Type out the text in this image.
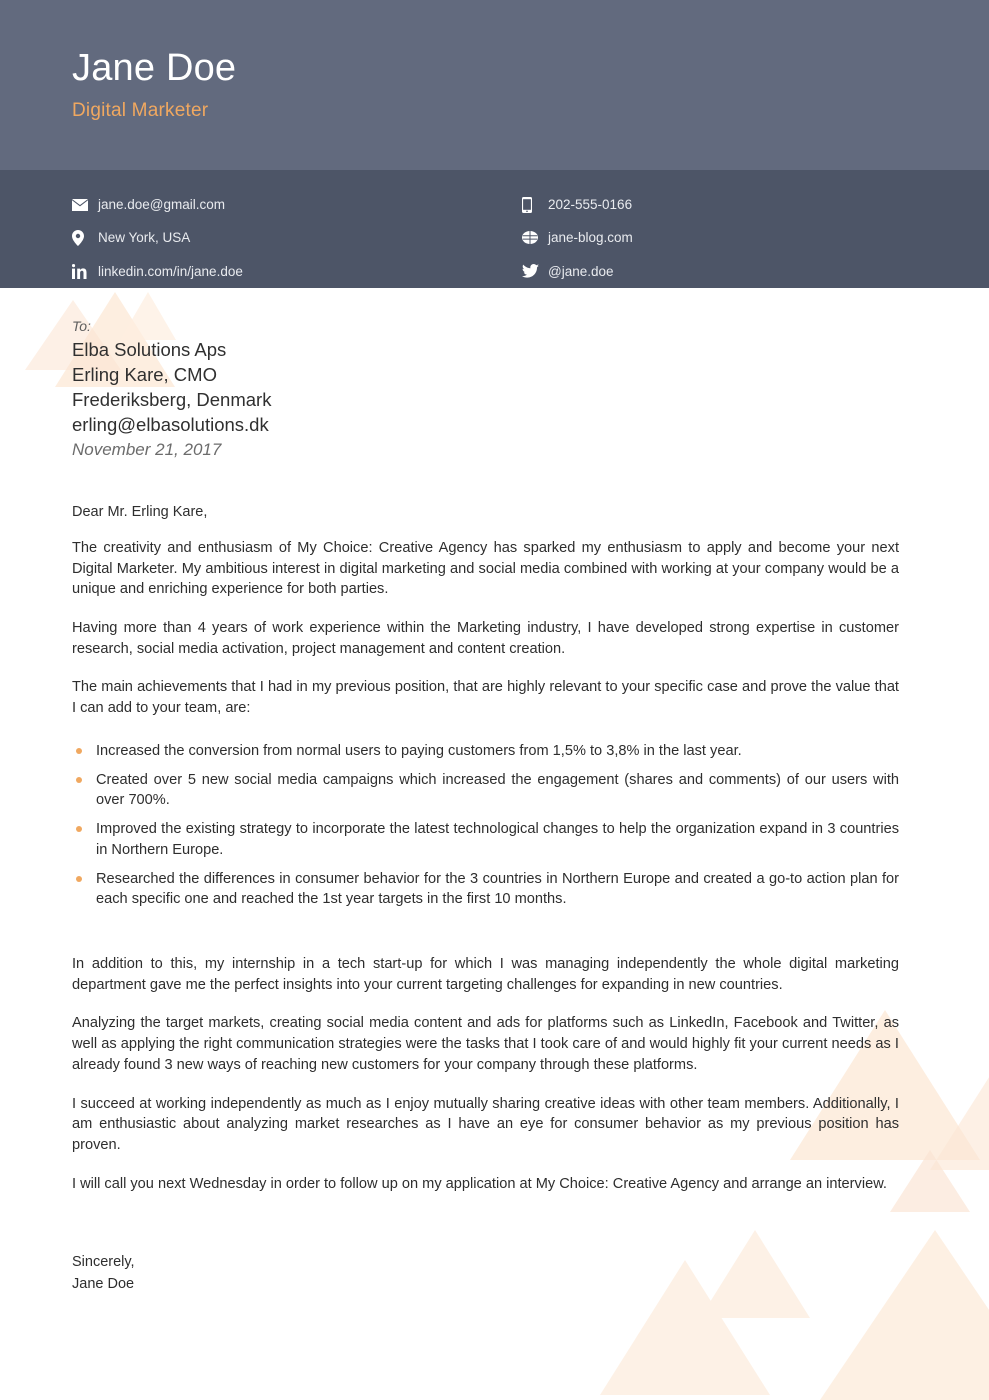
Jane Doe
Digital Marketer
jane.doe@gmail.com
New York, USA
linkedin.com/in/jane.doe
202-555-0166
jane-blog.com
@jane.doe
To:
Elba Solutions Aps
Erling Kare, CMO
Frederiksberg, Denmark
erling@elbasolutions.dk
November 21, 2017
Dear Mr. Erling Kare,

The creativity and enthusiasm of My Choice: Creative Agency has sparked my enthusiasm to apply and become your next Digital Marketer. My ambitious interest in digital marketing and social media combined with working at your company would be a unique and enriching experience for both parties.

Having more than 4 years of work experience within the Marketing industry, I have developed strong expertise in customer research, social media activation, project management and content creation.

The main achievements that I had in my previous position, that are highly relevant to your specific case and prove the value that I can add to your team, are:

Increased the conversion from normal users to paying customers from 1,5% to 3,8% in the last year.
Created over 5 new social media campaigns which increased the engagement (shares and comments) of our users with over 700%.
Improved the existing strategy to incorporate the latest technological changes to help the organization expand in 3 countries in Northern Europe.
Researched the differences in consumer behavior for the 3 countries in Northern Europe and created a go-to action plan for each specific one and reached the 1st year targets in the first 10 months.

In addition to this, my internship in a tech start-up for which I was managing independently the whole digital marketing department gave me the perfect insights into your current targeting challenges for expanding in new countries.

Analyzing the target markets, creating social media content and ads for platforms such as LinkedIn, Facebook and Twitter, as well as applying the right communication strategies were the tasks that I took care of and would highly fit your current needs as I already found 3 new ways of reaching new customers for your company through these platforms.

I succeed at working independently as much as I enjoy mutually sharing creative ideas with other team members. Additionally, I am enthusiastic about analyzing market researches as I have an eye for consumer behavior as my previous position has proven.

I will call you next Wednesday in order to follow up on my application at My Choice: Creative Agency and arrange an interview.

Sincerely,
Jane Doe
